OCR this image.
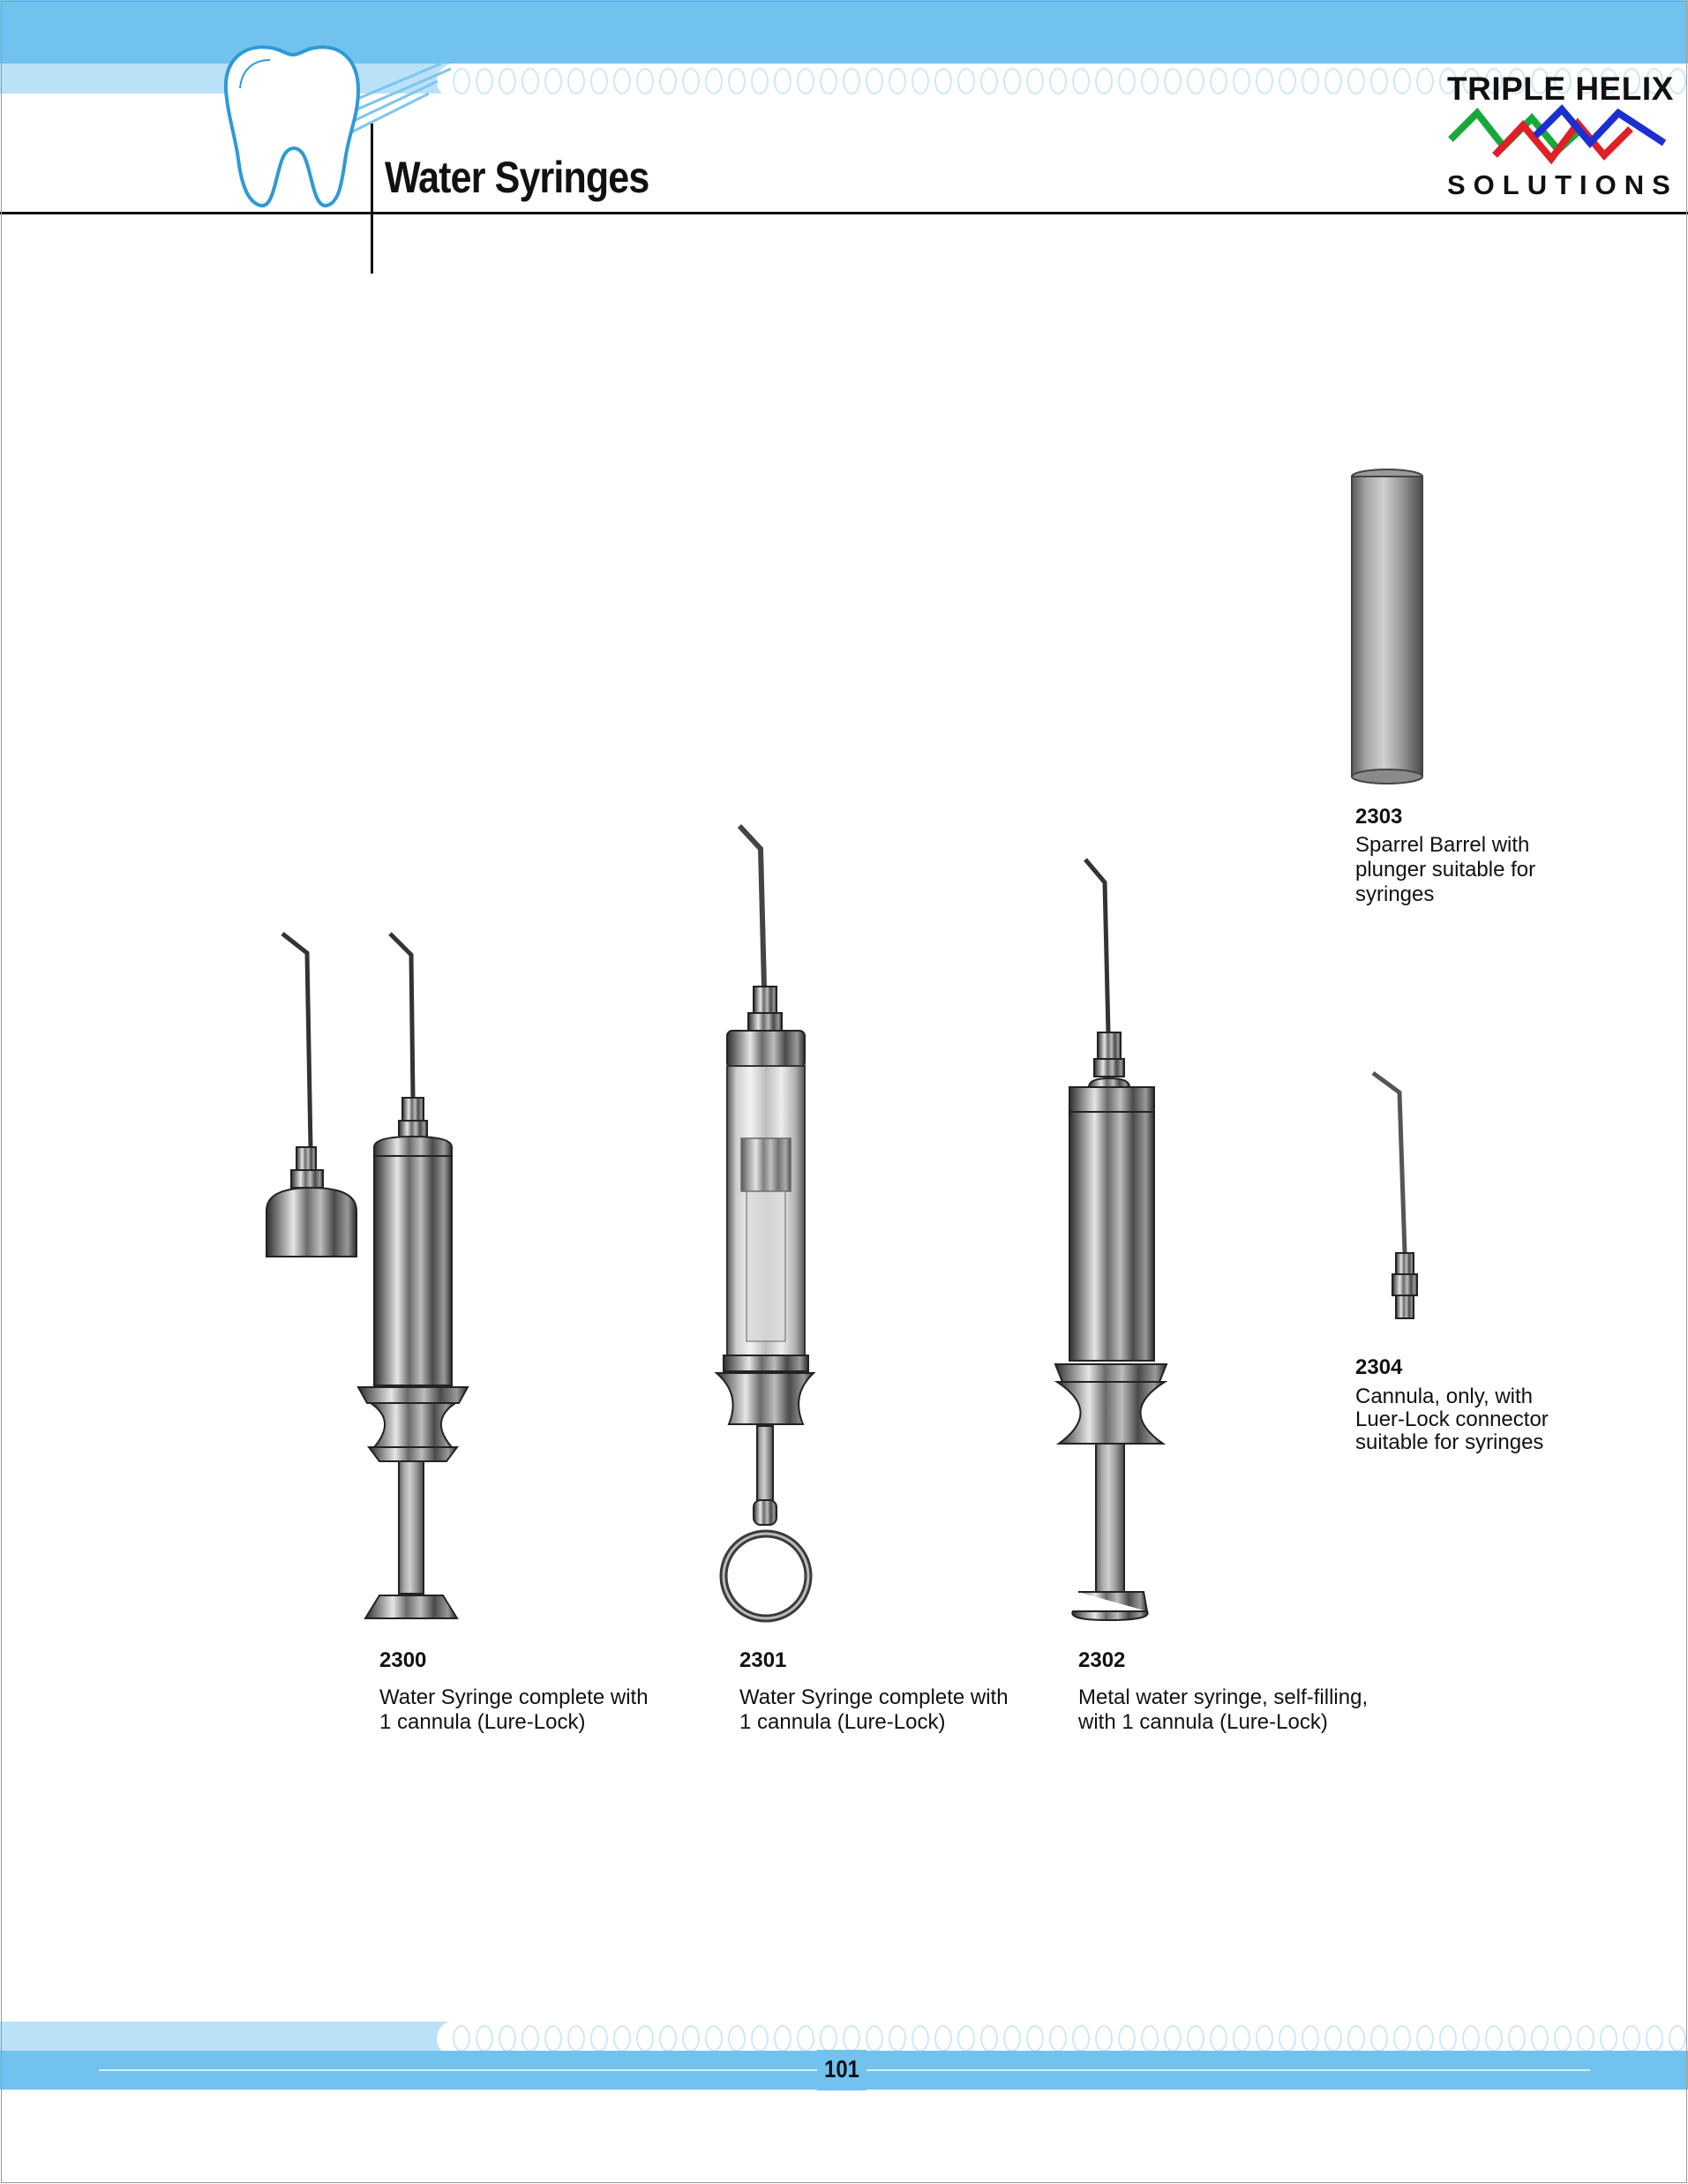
Water Syringes
TRIPLE HELIX
SOLUTIONS
2300
Water Syringe complete with
1 cannula (Lure-Lock)
2301
Water Syringe complete with
1 cannula (Lure-Lock)
2302
Metal water syringe, self-filling,
with 1 cannula (Lure-Lock)
2303
Sparrel Barrel with
plunger suitable for
syringes
2304
Cannula, only, with
Luer-Lock connector
suitable for syringes
101
